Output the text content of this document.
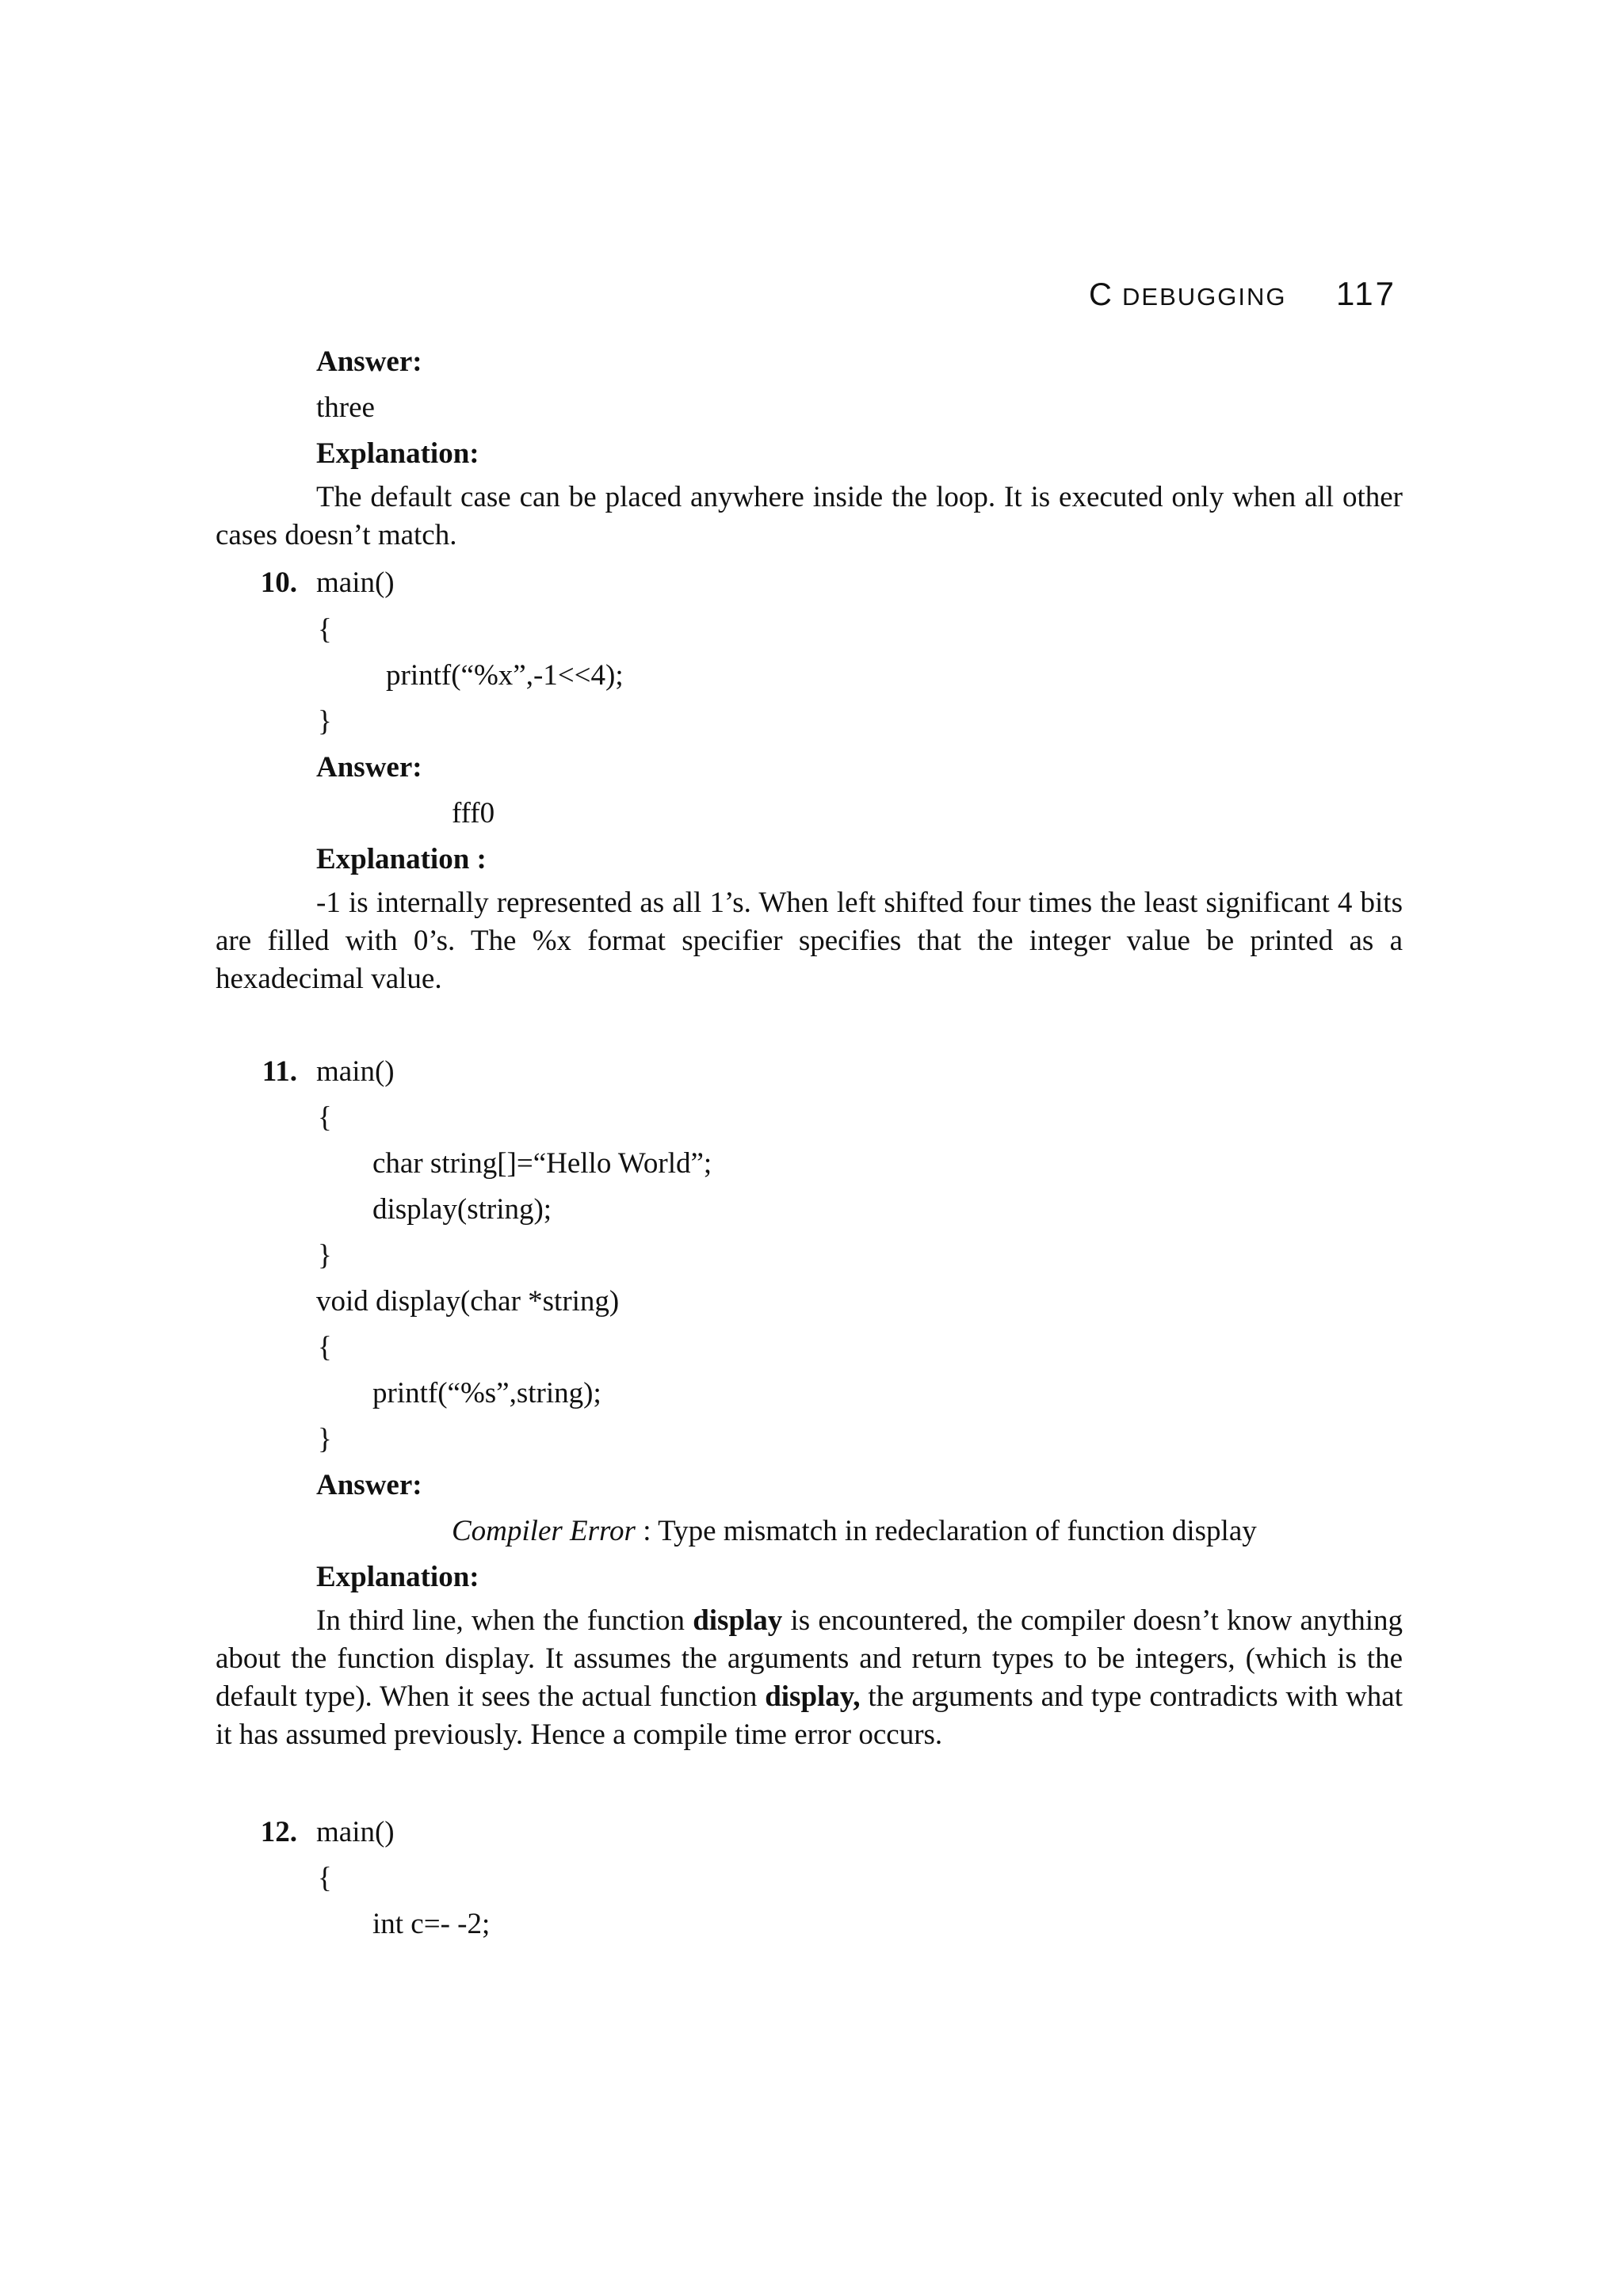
C DEBUGGING 117
Answer:
three
Explanation:

The default case can be placed anywhere inside the loop. It is executed only when all other cases doesn’t match.

10. main()
{
printf(“%x”,-1<<4);
}
Answer:
fff0
Explanation :

-1 is internally represented as all 1’s. When left shifted four times the least significant 4 bits are filled with 0’s. The %x format specifier specifies that the integer value be printed as a hexadecimal value.

11. main()
{
char string[]=“Hello World”;
display(string);
}
void display(char *string)
{
printf(“%s”,string);
}
Answer:
Compiler Error : Type mismatch in redeclaration of function display
Explanation:

In third line, when the function display is encountered, the compiler doesn’t know anything about the function display. It assumes the arguments and return types to be integers, (which is the default type). When it sees the actual function display, the arguments and type contradicts with what it has assumed previously. Hence a compile time error occurs.

12. main()
{
int c=- -2;
